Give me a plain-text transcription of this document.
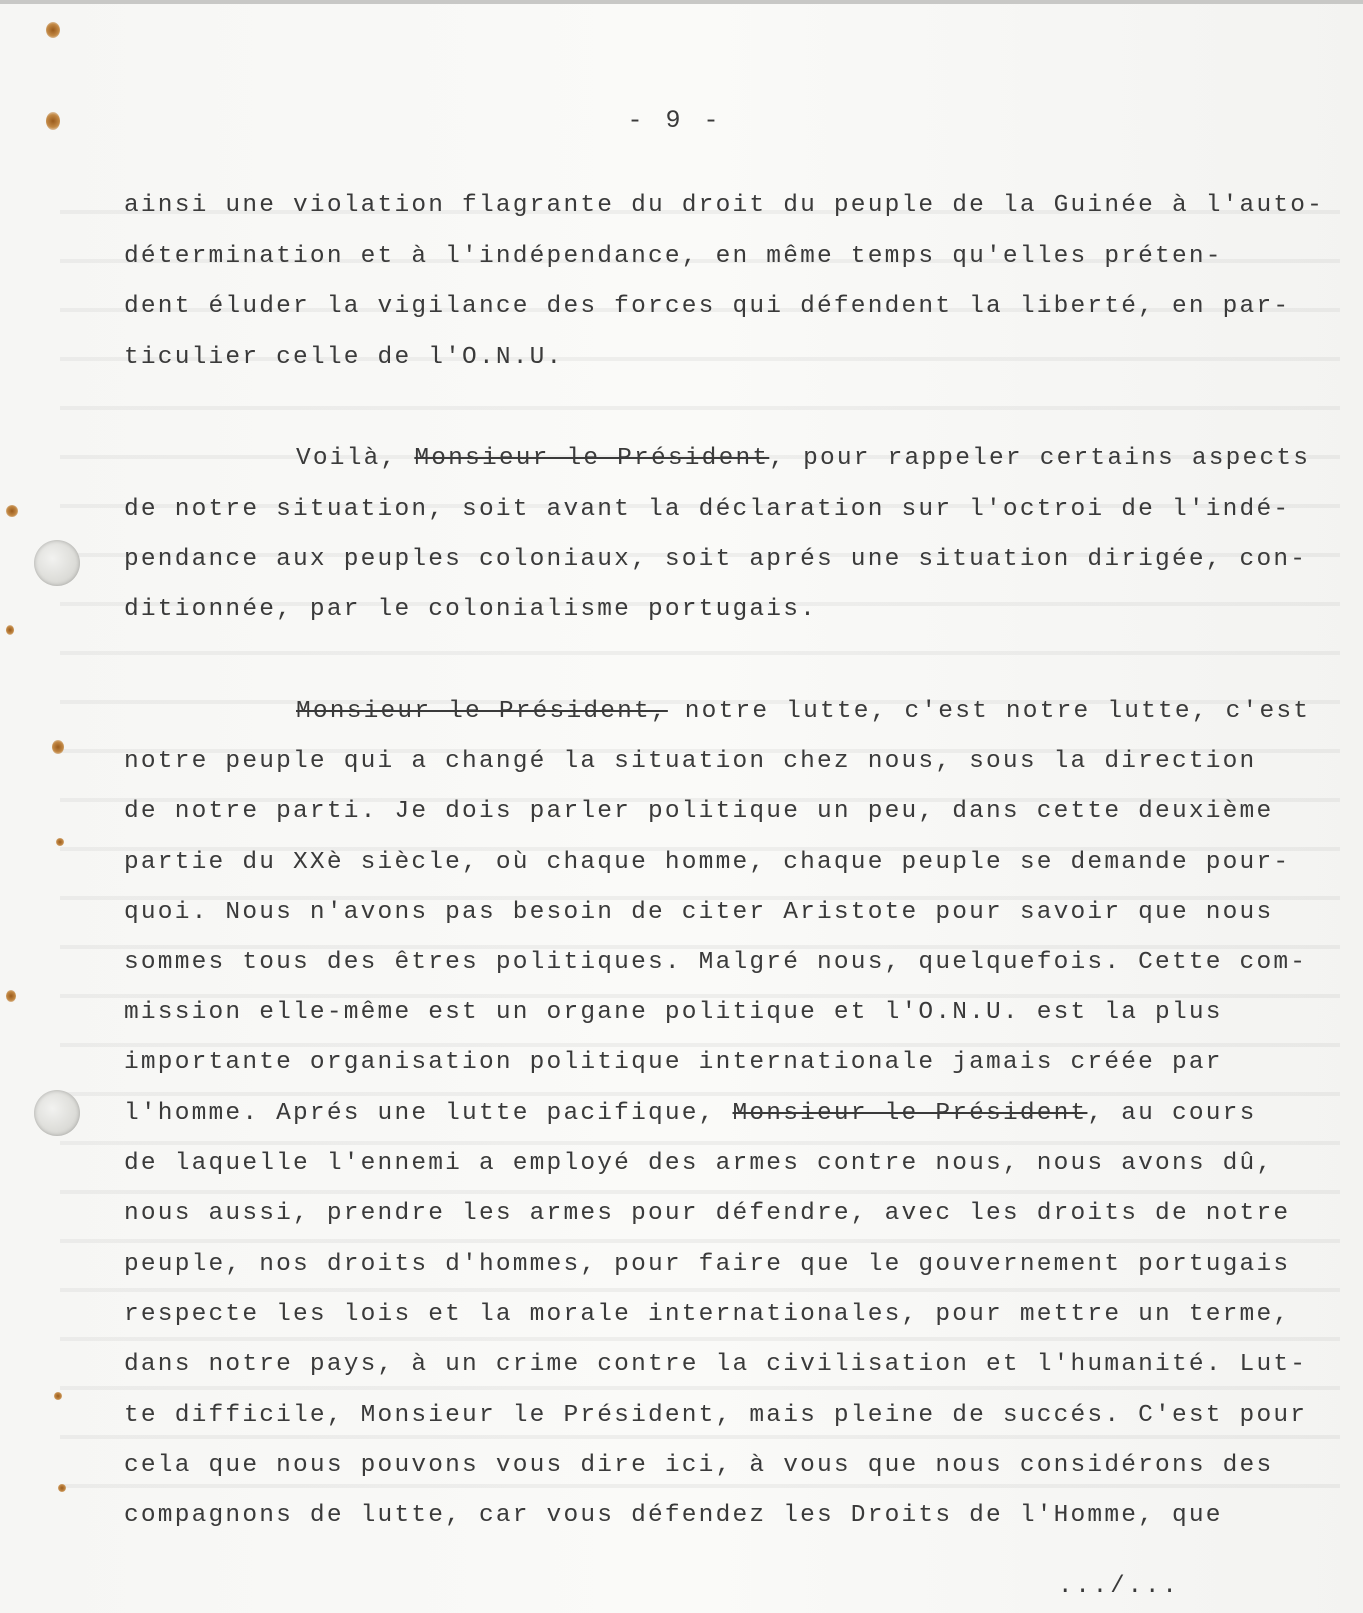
- 9 -
ainsi une violation flagrante du droit du peuple de la Guinée à l'auto-
détermination et à l'indépendance, en même temps qu'elles préten-
dent éluder la vigilance des forces qui défendent la liberté, en par-
ticulier celle de l'O.N.U.
Voilà, Monsieur le Président, pour rappeler certains aspects
de notre situation, soit avant la déclaration sur l'octroi de l'indé-
pendance aux peuples coloniaux, soit aprés une situation dirigée, con-
ditionnée, par le colonialisme portugais.
Monsieur le Président, notre lutte, c'est notre lutte, c'est
notre peuple qui a changé la situation chez nous, sous la direction
de notre parti. Je dois parler politique un peu, dans cette deuxième
partie du XXè siècle, où chaque homme, chaque peuple se demande pour-
quoi. Nous n'avons pas besoin de citer Aristote pour savoir que nous
sommes tous des êtres politiques. Malgré nous, quelquefois. Cette com-
mission elle-même est un organe politique et l'O.N.U. est la plus
importante organisation politique internationale jamais créée par
l'homme. Aprés une lutte pacifique, Monsieur le Président, au cours
de laquelle l'ennemi a employé des armes contre nous, nous avons dû,
nous aussi, prendre les armes pour défendre, avec les droits de notre
peuple, nos droits d'hommes, pour faire que le gouvernement portugais
respecte les lois et la morale internationales, pour mettre un terme,
dans notre pays, à un crime contre la civilisation et l'humanité. Lut-
te difficile, Monsieur le Président, mais pleine de succés. C'est pour
cela que nous pouvons vous dire ici, à vous que nous considérons des
compagnons de lutte, car vous défendez les Droits de l'Homme, que
.../...
